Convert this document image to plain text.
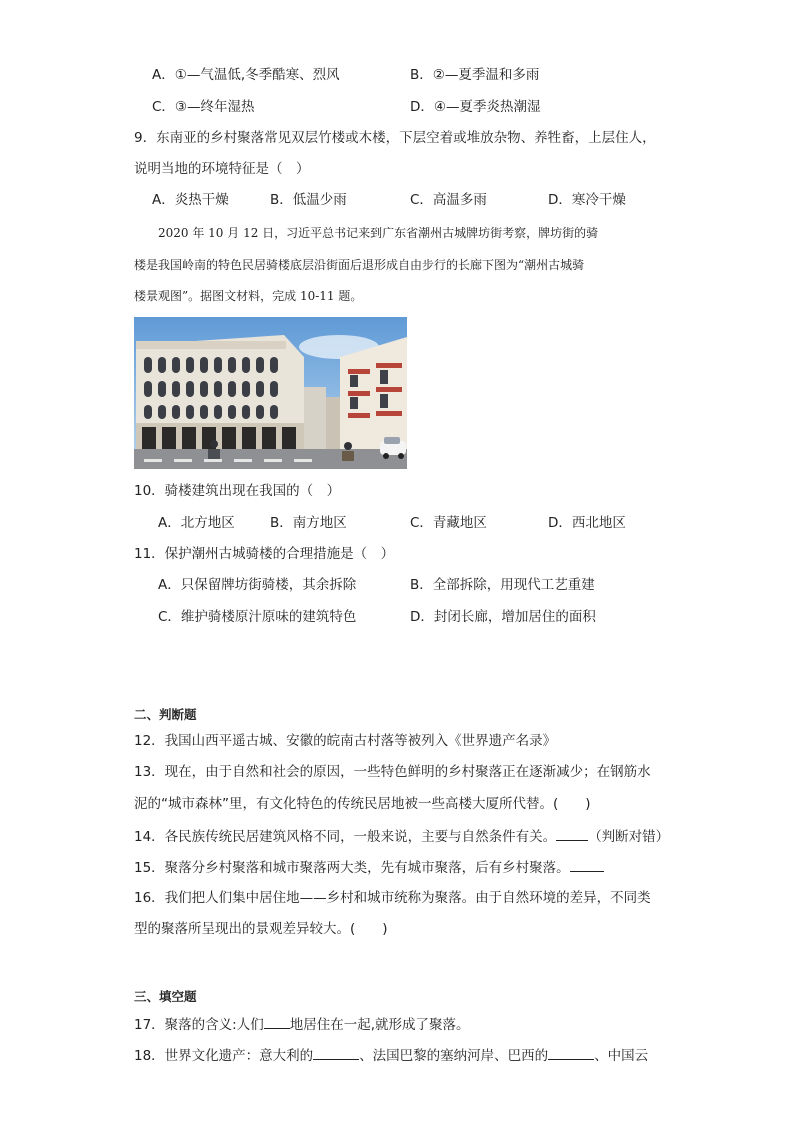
A．①—气温低,冬季酷寒、烈风	B．②—夏季温和多雨
C．③—终年湿热	D．④—夏季炎热潮湿
9．东南亚的乡村聚落常见双层竹楼或木楼，下层空着或堆放杂物、养牲畜，上层住人，
说明当地的环境特征是（　）
A．炎热干燥	B．低温少雨	C．高温多雨	D．寒冷干燥
2020 年 10 月 12 日，习近平总书记来到广东省潮州古城牌坊街考察，牌坊街的骑
楼是我国岭南的特色民居骑楼底层沿街面后退形成自由步行的长廊下图为“潮州古城骑
楼景观图”。据图文材料，完成 10-11 题。
10．骑楼建筑出现在我国的（　）
A．北方地区	B．南方地区	C．青藏地区	D．西北地区
11．保护潮州古城骑楼的合理措施是（　）
A．只保留牌坊街骑楼，其余拆除	B．全部拆除，用现代工艺重建
C．维护骑楼原汁原味的建筑特色	D．封闭长廊，增加居住的面积
二、判断题
12．我国山西平遥古城、安徽的皖南古村落等被列入《世界遗产名录》
13．现在，由于自然和社会的原因，一些特色鲜明的乡村聚落正在逐渐减少；在钢筋水
泥的“城市森林”里，有文化特色的传统民居地被一些高楼大厦所代替。(　　)
14．各民族传统民居建筑风格不同，一般来说，主要与自然条件有关。 （判断对错）
15．聚落分乡村聚落和城市聚落两大类，先有城市聚落，后有乡村聚落。
16．我们把人们集中居住地——乡村和城市统称为聚落。由于自然环境的差异，不同类
型的聚落所呈现出的景观差异较大。(　　)
三、填空题
17．聚落的含义:人们 地居住在一起,就形成了聚落。
18．世界文化遗产：意大利的	、法国巴黎的塞纳河岸、巴西的	、中国云
